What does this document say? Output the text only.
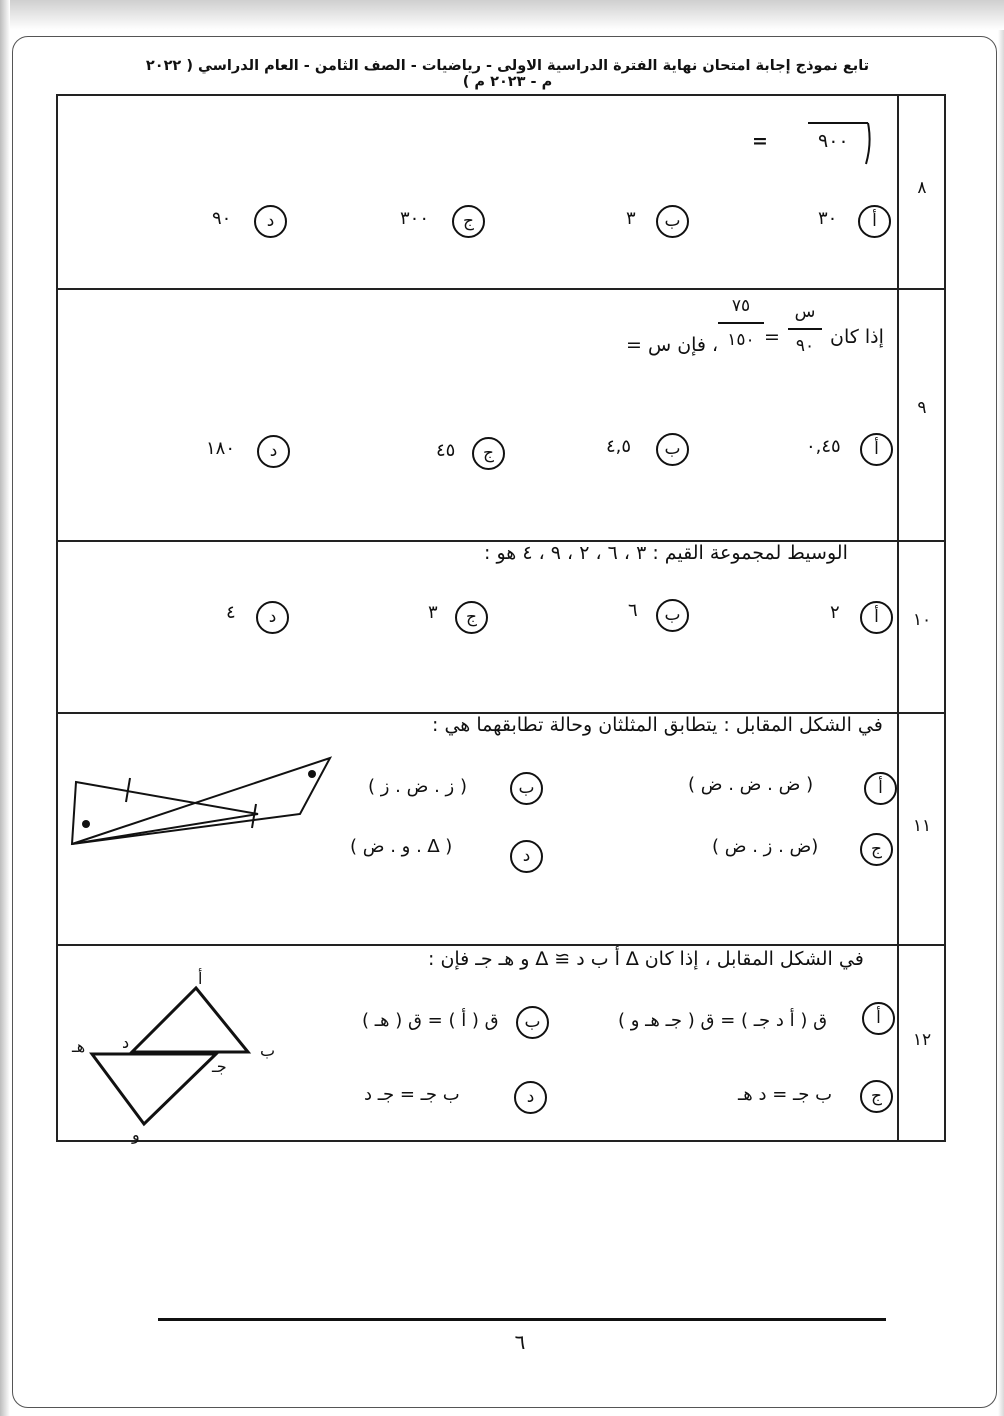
تابع نموذج إجابة امتحان نهاية الفترة الدراسية الاولى - رياضيات - الصف الثامن - العام الدراسي ( ٢٠٢٢ م - ٢٠٢٣ م )
٨
٩٠٠
=
أ
٣٠
ب
٣
ج
٣٠٠
د
٩٠
٩
إذا كان
س
٩٠
=
٧٥
١٥٠
، فإن س =
أ
٠,٤٥
ب
٤,٥
ج
٤٥
د
١٨٠
١٠
الوسيط لمجموعة القيم : ٣ ، ٦ ، ٢ ، ٩ ، ٤ هو :
أ
٢
ب
٦
ج
٣
د
٤
١١
في الشكل المقابل : يتطابق المثلثان وحالة تطابقهما هي :
أ
( ض . ض . ض )
ب
( ز . ض . ز )
ج
(ض . ز . ض )
د
( ∆ . و . ض )
١٢
في الشكل المقابل ، إذا كان ∆ أ ب د ≅ ∆ و هـ جـ فإن :
أ
ب
د
هـ
جـ
و
أ
ق ( أ د جـ ) = ق ( جـ هـ و )
ب
ق ( أ ) = ق ( هـ )
ج
ب جـ = د هـ
د
ب جـ = جـ د
٦
